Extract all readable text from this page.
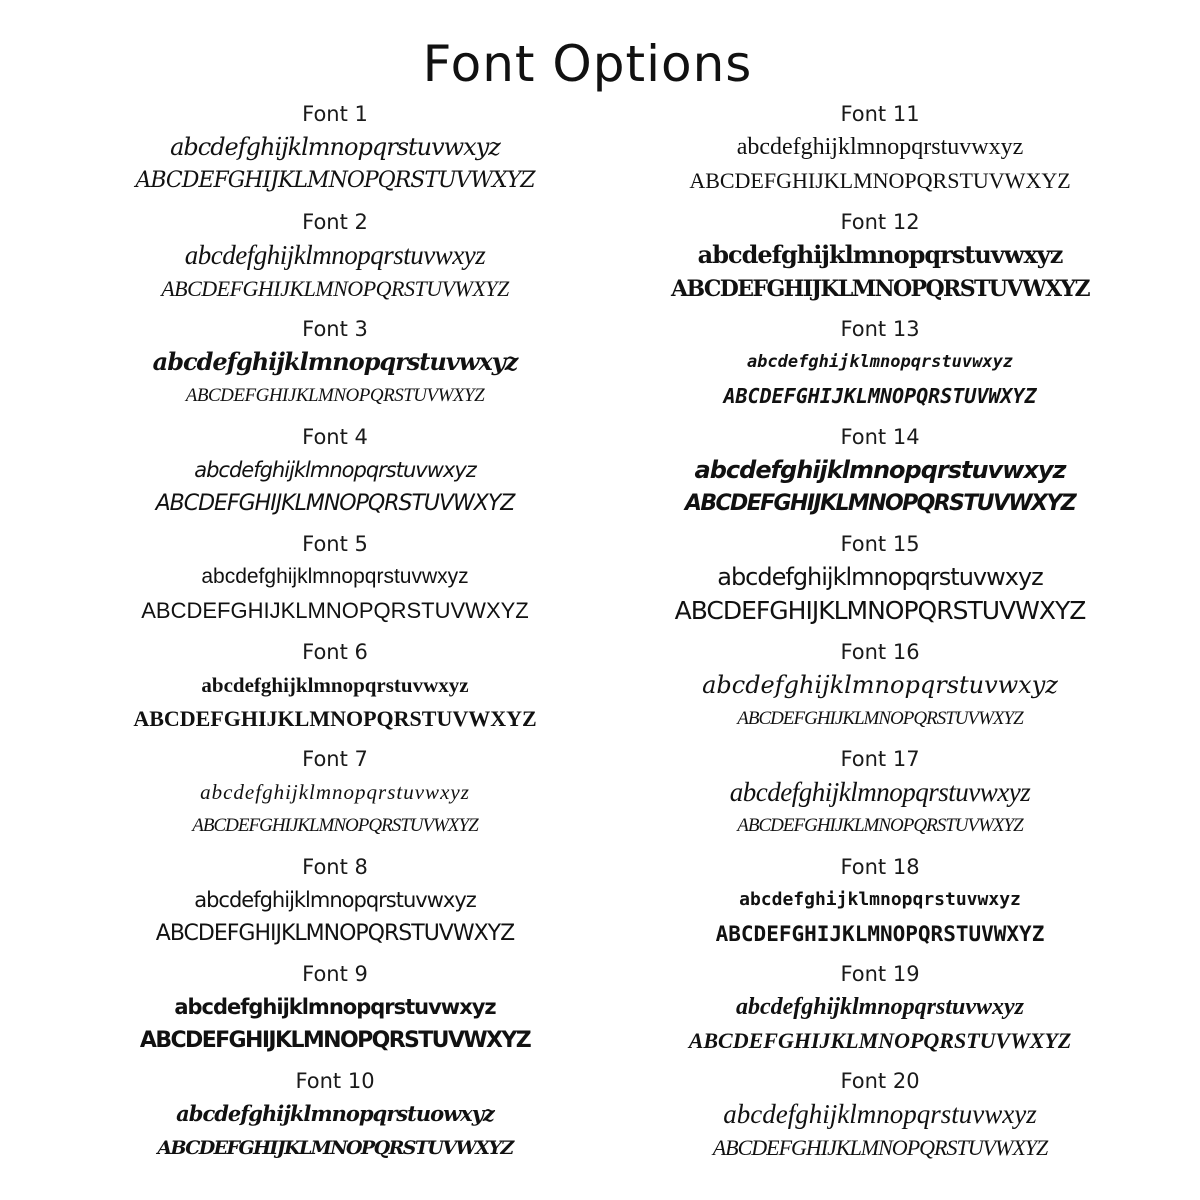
Font Options
Font 1
abcdefghijklmnopqrstuvwxyz
ABCDEFGHIJKLMNOPQRSTUVWXYZ
Font 2
abcdefghijklmnopqrstuvwxyz
ABCDEFGHIJKLMNOPQRSTUVWXYZ
Font 3
abcdefghijklmnopqrstuvwxyz
ABCDEFGHIJKLMNOPQRSTUVWXYZ
Font 4
abcdefghijklmnopqrstuvwxyz
ABCDEFGHIJKLMNOPQRSTUVWXYZ
Font 5
abcdefghijklmnopqrstuvwxyz
ABCDEFGHIJKLMNOPQRSTUVWXYZ
Font 6
abcdefghijklmnopqrstuvwxyz
ABCDEFGHIJKLMNOPQRSTUVWXYZ
Font 7
abcdefghijklmnopqrstuvwxyz
ABCDEFGHIJKLMNOPQRSTUVWXYZ
Font 8
abcdefghijklmnopqrstuvwxyz
ABCDEFGHIJKLMNOPQRSTUVWXYZ
Font 9
abcdefghijklmnopqrstuvwxyz
ABCDEFGHIJKLMNOPQRSTUVWXYZ
Font 10
abcdefghijklmnopqrstuowxyz
ABCDEFGHIJKLMNOPQRSTUVWXYZ
Font 11
abcdefghijklmnopqrstuvwxyz
ABCDEFGHIJKLMNOPQRSTUVWXYZ
Font 12
abcdefghijklmnopqrstuvwxyz
ABCDEFGHIJKLMNOPQRSTUVWXYZ
Font 13
abcdefghijklmnopqrstuvwxyz
ABCDEFGHIJKLMNOPQRSTUVWXYZ
Font 14
abcdefghijklmnopqrstuvwxyz
ABCDEFGHIJKLMNOPQRSTUVWXYZ
Font 15
abcdefghijklmnopqrstuvwxyz
ABCDEFGHIJKLMNOPQRSTUVWXYZ
Font 16
abcdefghijklmnopqrstuvwxyz
ABCDEFGHIJKLMNOPQRSTUVWXYZ
Font 17
abcdefghijklmnopqrstuvwxyz
ABCDEFGHIJKLMNOPQRSTUVWXYZ
Font 18
abcdefghijklmnopqrstuvwxyz
ABCDEFGHIJKLMNOPQRSTUVWXYZ
Font 19
abcdefghijklmnopqrstuvwxyz
ABCDEFGHIJKLMNOPQRSTUVWXYZ
Font 20
abcdefghijklmnopqrstuvwxyz
ABCDEFGHIJKLMNOPQRSTUVWXYZ
